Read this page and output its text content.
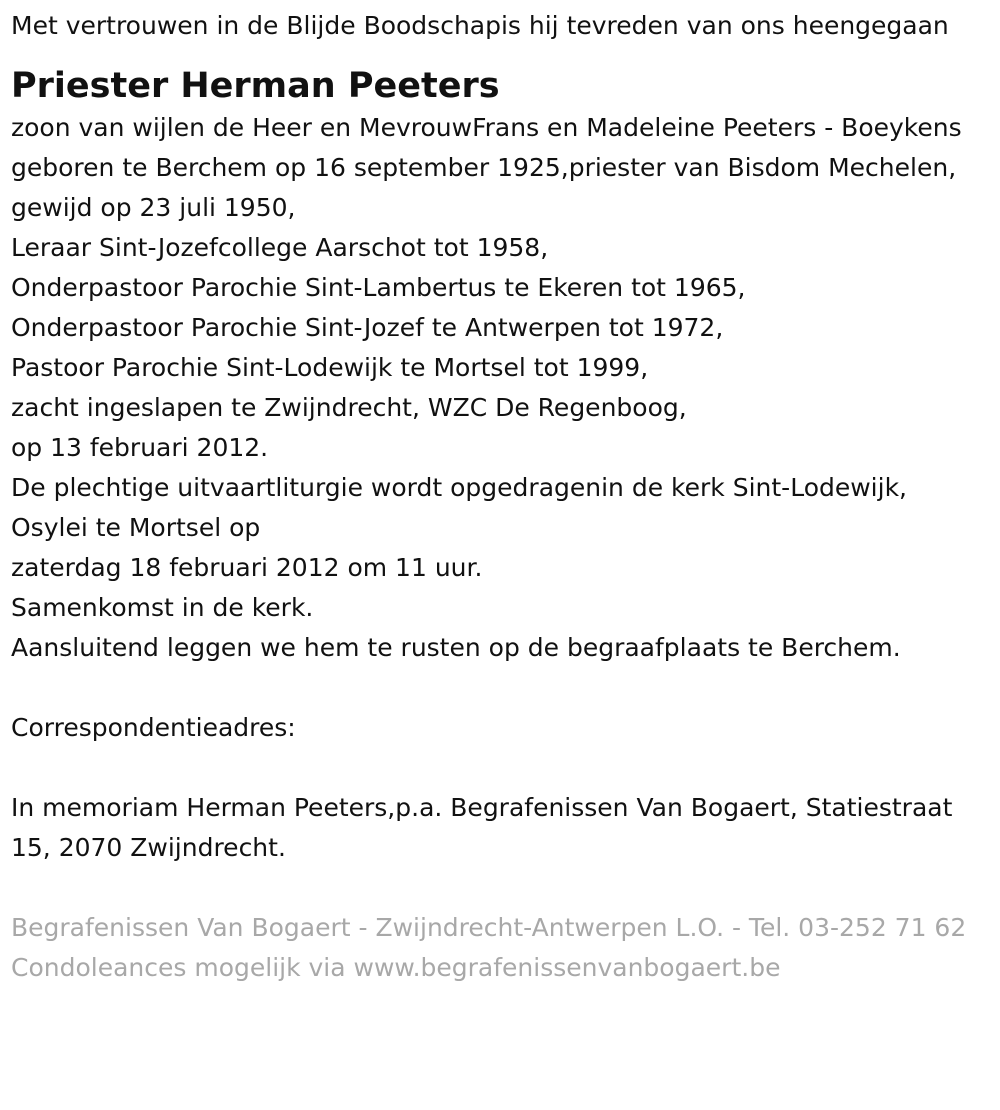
Met vertrouwen in de Blijde Boodschapis hij tevreden van ons heengegaan

Priester Herman Peeters
zoon van wijlen de Heer en MevrouwFrans en Madeleine Peeters - Boeykens
geboren te Berchem op 16 september 1925,priester van Bisdom Mechelen, gewijd op 23 juli 1950,
Leraar Sint-Jozefcollege Aarschot tot 1958,
Onderpastoor Parochie Sint-Lambertus te Ekeren tot 1965,
Onderpastoor Parochie Sint-Jozef te Antwerpen tot 1972,
Pastoor Parochie Sint-Lodewijk te Mortsel tot 1999,
zacht ingeslapen te Zwijndrecht, WZC De Regenboog,
op 13 februari 2012.
De plechtige uitvaartliturgie wordt opgedragenin de kerk Sint-Lodewijk, Osylei te Mortsel op
zaterdag 18 februari 2012 om 11 uur.
Samenkomst in de kerk.
Aansluitend leggen we hem te rusten op de begraafplaats te Berchem.
Correspondentieadres:
In memoriam Herman Peeters,p.a. Begrafenissen Van Bogaert, Statiestraat 15, 2070 Zwijndrecht.
Begrafenissen Van Bogaert - Zwijndrecht-Antwerpen L.O. - Tel. 03-252 71 62 Condoleances mogelijk via www.begrafenissenvanbogaert.be
